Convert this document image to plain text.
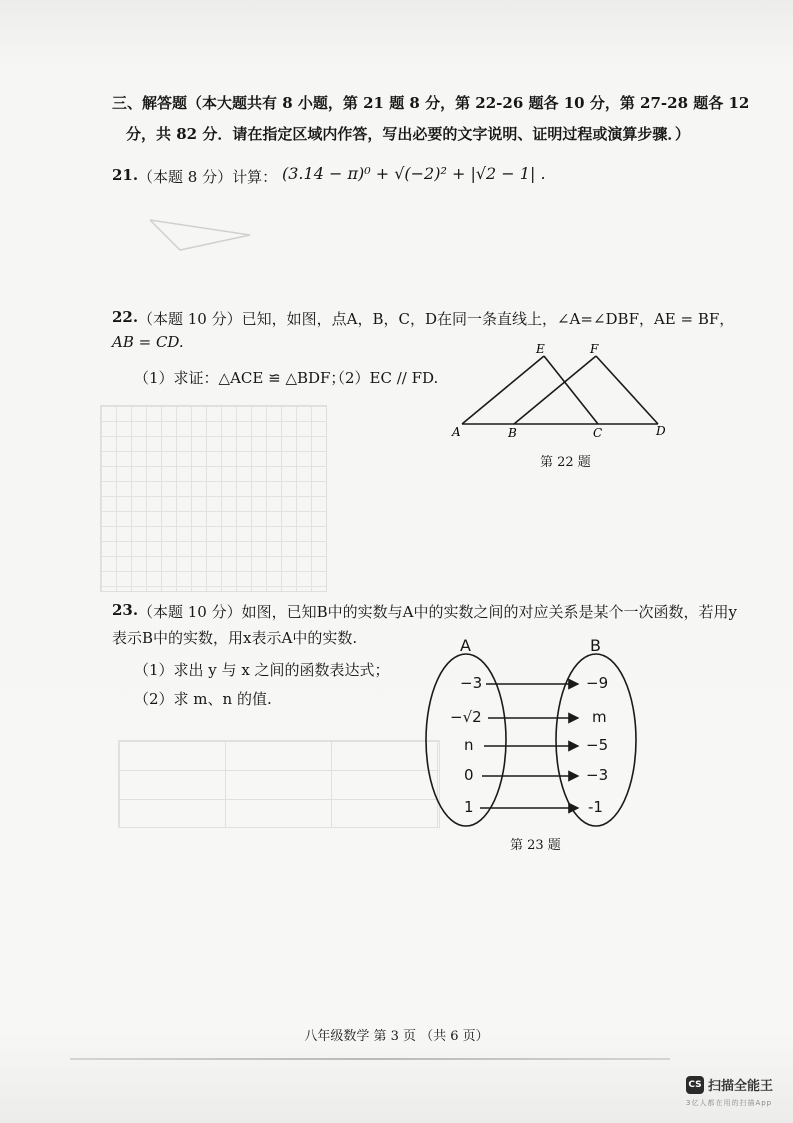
三、解答题（本大题共有 8 小题，第 21 题 8 分，第 22-26 题各 10 分，第 27-28 题各 12
分，共 82 分．请在指定区域内作答，写出必要的文字说明、证明过程或演算步骤．）
21. （本题 8 分）计算： (3.14 − π)⁰ + √(−2)² + |√2 − 1| .
22. （本题 10 分）已知，如图，点A，B，C，D在同一条直线上，∠A=∠DBF，AE = BF，
AB = CD.
（1）求证：△ACE ≌ △BDF；
（2）EC // FD.
A	B	C	D
E	F
第 22 题
23. （本题 10 分）如图，已知B中的实数与A中的实数之间的对应关系是某个一次函数，若用y
表示B中的实数，用x表示A中的实数.
（1）求出 y 与 x 之间的函数表达式；
（2）求 m、n 的值.
A	B
−3
−√2
n
0
1
−9
m
−5
−3
-1
第 23 题
八年级数学 第 3 页 （共 6 页）
CS 扫描全能王
3亿人都在用的扫描App
